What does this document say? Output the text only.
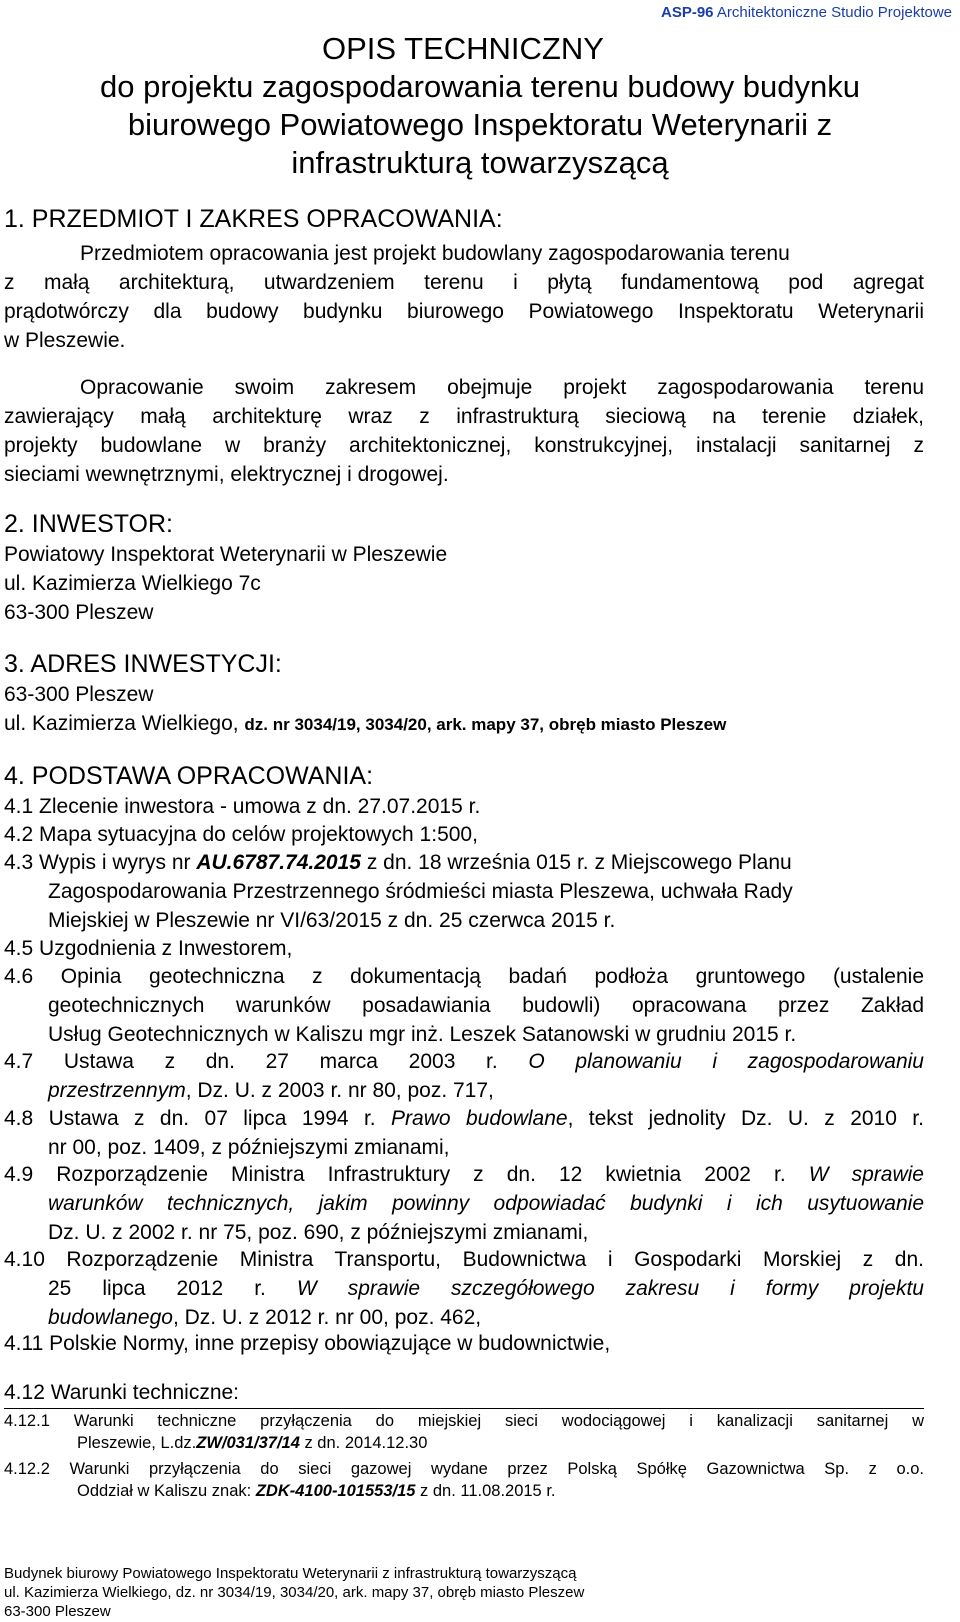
ASP-96 Architektoniczne Studio Projektowe
OPIS TECHNICZNY
do projektu zagospodarowania terenu budowy budynku
biurowego Powiatowego Inspektoratu Weterynarii z
infrastrukturą towarzyszącą
1. PRZEDMIOT I ZAKRES OPRACOWANIA:
Przedmiotem opracowania jest projekt budowlany zagospodarowania terenu
z małą architekturą, utwardzeniem terenu i płytą fundamentową pod agregat
prądotwórczy dla budowy budynku biurowego Powiatowego Inspektoratu Weterynarii
w Pleszewie.
Opracowanie swoim zakresem obejmuje projekt zagospodarowania terenu
zawierający małą architekturę wraz z infrastrukturą sieciową na terenie działek,
projekty budowlane w branży architektonicznej, konstrukcyjnej, instalacji sanitarnej z
sieciami wewnętrznymi, elektrycznej i drogowej.
2. INWESTOR:
Powiatowy Inspektorat Weterynarii w Pleszewie
ul. Kazimierza Wielkiego 7c
63-300 Pleszew
3. ADRES INWESTYCJI:
63-300 Pleszew
ul. Kazimierza Wielkiego, dz. nr 3034/19, 3034/20, ark. mapy 37, obręb miasto Pleszew
4. PODSTAWA OPRACOWANIA:
4.1 Zlecenie inwestora - umowa z dn. 27.07.2015 r.
4.2 Mapa sytuacyjna do celów projektowych 1:500,
4.3 Wypis i wyrys nr AU.6787.74.2015 z dn. 18 września 015 r. z Miejscowego Planu
Zagospodarowania Przestrzennego śródmieści miasta Pleszewa, uchwała Rady
Miejskiej w Pleszewie nr VI/63/2015 z dn. 25 czerwca 2015 r.
4.5 Uzgodnienia z Inwestorem,
4.6 Opinia geotechniczna z dokumentacją badań podłoża gruntowego (ustalenie
geotechnicznych warunków posadawiania budowli) opracowana przez Zakład
Usług Geotechnicznych w Kaliszu mgr inż. Leszek Satanowski w grudniu 2015 r.
4.7 Ustawa z dn. 27 marca 2003 r. O planowaniu i zagospodarowaniu
przestrzennym, Dz. U. z 2003 r. nr 80, poz. 717,
4.8 Ustawa z dn. 07 lipca 1994 r. Prawo budowlane, tekst jednolity Dz. U. z 2010 r.
nr 00, poz. 1409, z późniejszymi zmianami,
4.9 Rozporządzenie Ministra Infrastruktury z dn. 12 kwietnia 2002 r. W sprawie
warunków technicznych, jakim powinny odpowiadać budynki i ich usytuowanie
Dz. U. z 2002 r. nr 75, poz. 690, z późniejszymi zmianami,
4.10 Rozporządzenie Ministra Transportu, Budownictwa i Gospodarki Morskiej z dn.
25 lipca 2012 r. W sprawie szczegółowego zakresu i formy projektu
budowlanego, Dz. U. z 2012 r. nr 00, poz. 462,
4.11 Polskie Normy, inne przepisy obowiązujące w budownictwie,
4.12 Warunki techniczne:
4.12.1 Warunki techniczne przyłączenia do miejskiej sieci wodociągowej i kanalizacji sanitarnej w
Pleszewie, L.dz.ZW/031/37/14 z dn. 2014.12.30
4.12.2 Warunki przyłączenia do sieci gazowej wydane przez Polską Spółkę Gazownictwa Sp. z o.o.
Oddział w Kaliszu znak: ZDK-4100-101553/15 z dn. 11.08.2015 r.
Budynek biurowy Powiatowego Inspektoratu Weterynarii z infrastrukturą towarzyszącą
ul. Kazimierza Wielkiego, dz. nr 3034/19, 3034/20, ark. mapy 37, obręb miasto Pleszew
63-300 Pleszew
